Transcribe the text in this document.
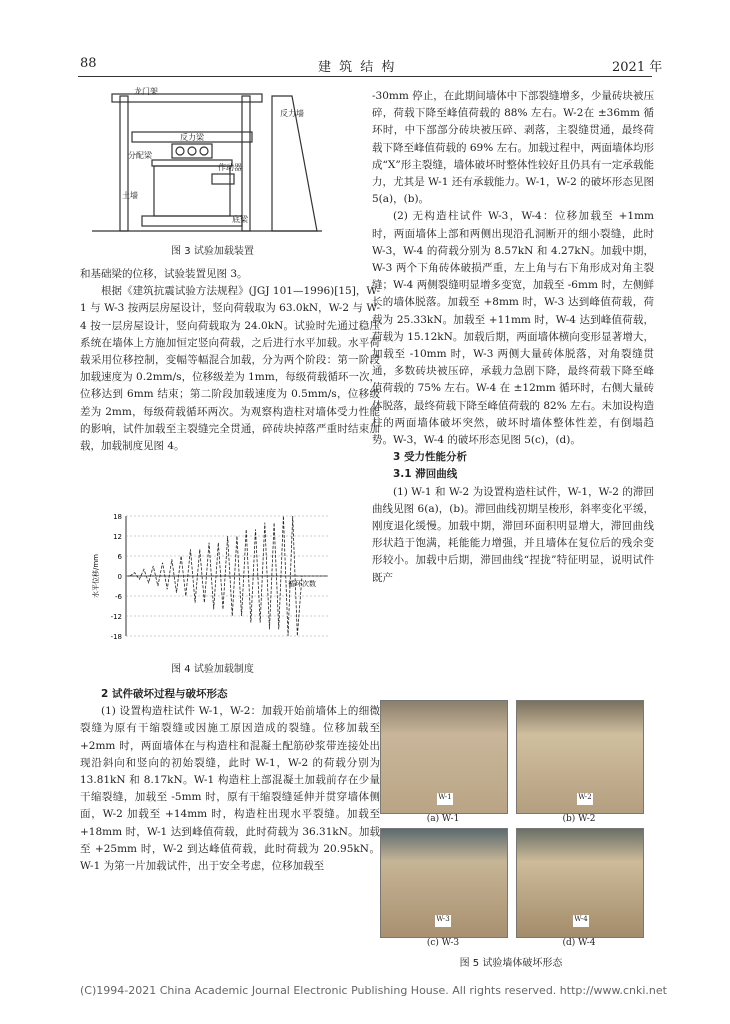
88	建 筑 结 构	2021 年
龙门架
反力梁
反力墙
分配梁
作动器
土墙
底梁
图 3 试验加载装置

和基础梁的位移，试验装置见图 3。

根据《建筑抗震试验方法规程》(JGJ 101—1996)[15]，W-1 与 W-3 按两层房屋设计，竖向荷载取为 63.0kN，W-2 与 W-4 按一层房屋设计，竖向荷载取为 24.0kN。试验时先通过稳压系统在墙体上方施加恒定竖向荷载，之后进行水平加载。水平荷载采用位移控制，变幅等幅混合加载，分为两个阶段：第一阶段加载速度为 0.2mm/s，位移级差为 1mm，每级荷载循环一次，位移达到 6mm 结束；第二阶段加载速度为 0.5mm/s，位移级差为 2mm，每级荷载循环两次。为观察构造柱对墙体受力性能的影响，试件加载至主裂缝完全贯通，碎砖块掉落严重时结束加载，加载制度见图 4。

18
12
6
0
-6
-12
-18
水平位移/mm	循环次数
图 4 试验加载制度

2 试件破坏过程与破坏形态

(1) 设置构造柱试件 W-1，W-2：加载开始前墙体上的细微裂缝为原有干缩裂缝或因施工原因造成的裂缝。位移加载至 +2mm 时，两面墙体在与构造柱和混凝土配筋砂浆带连接处出现沿斜向和竖向的初始裂缝，此时 W-1，W-2 的荷载分别为 13.81kN 和 8.17kN。W-1 构造柱上部混凝土加载前存在少量干缩裂缝，加载至 -5mm 时，原有干缩裂缝延伸并贯穿墙体侧面，W-2 加载至 +14mm 时，构造柱出现水平裂缝。加载至 +18mm 时，W-1 达到峰值荷载，此时荷载为 36.31kN。加载至 +25mm 时，W-2 到达峰值荷载，此时荷载为 20.95kN。W-1 为第一片加载试件，出于安全考虑，位移加载至

-30mm 停止，在此期间墙体中下部裂缝增多，少量砖块被压碎，荷载下降至峰值荷载的 88% 左右。W-2在 ±36mm 循环时，中下部部分砖块被压碎、剥落，主裂缝贯通，最终荷载下降至峰值荷载的 69% 左右。加载过程中，两面墙体均形成“X”形主裂缝，墙体破坏时整体性较好且仍具有一定承载能力，尤其是 W-1 还有承载能力。W-1，W-2 的破坏形态见图5(a)，(b)。

(2) 无构造柱试件 W-3，W-4：位移加载至 +1mm 时，两面墙体上部和两侧出现沿孔洞断开的细小裂缝，此时 W-3，W-4 的荷载分别为 8.57kN 和 4.27kN。加载中期，W-3 两个下角砖体破损严重，左上角与右下角形成对角主裂缝；W-4 两侧裂缝明显增多变宽，加载至 -6mm 时，左侧鲜长的墙体脱落。加载至 +8mm 时，W-3 达到峰值荷载，荷载为 25.33kN。加载至 +11mm 时，W-4 达到峰值荷载，荷载为 15.12kN。加载后期，两面墙体横向变形显著增大，加载至 -10mm 时，W-3 两侧大量砖体脱落，对角裂缝贯通，多数砖块被压碎，承载力急剧下降，最终荷载下降至峰值荷载的 75% 左右。W-4 在 ±12mm 循环时，右侧大量砖体脱落，最终荷载下降至峰值荷载的 82% 左右。未加设构造柱的两面墙体破坏突然，破坏时墙体整体性差，有倒塌趋势。W-3，W-4 的破坏形态见图 5(c)，(d)。

3 受力性能分析

3.1 滞回曲线

(1) W-1 和 W-2 为设置构造柱试件，W-1，W-2 的滞回曲线见图 6(a)，(b)。滞回曲线初期呈梭形，斜率变化平缓，刚度退化缓慢。加载中期，滞回环面积明显增大，滞回曲线形状趋于饱满，耗能能力增强，并且墙体在复位后的残余变形较小。加载中后期，滞回曲线“捏拢”特征明显，说明试件既产

W-1	W-2
(a) W-1	(b) W-2
W-3	W-4
(c) W-3	(d) W-4
图 5 试验墙体破坏形态
(C)1994-2021 China Academic Journal Electronic Publishing House. All rights reserved. http://www.cnki.net
